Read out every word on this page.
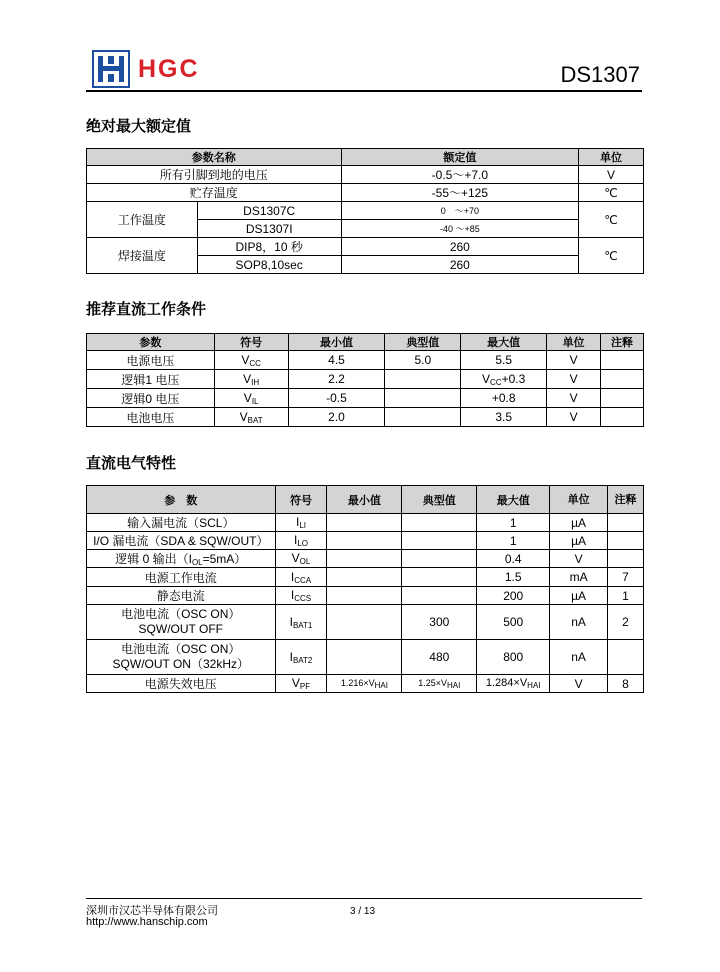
HGC	DS1307
绝对最大额定值
参数名称		额定值	单位
所有引脚到地的电压		-0.5～+7.0	V
贮存温度		-55～+125	℃
工作温度	DS1307C	0　～+70	℃
	DS1307I	-40 ～+85	
焊接温度	DIP8，10 秒	260	℃
	SOP8,10sec	260	
推荐直流工作条件
参数	符号	最小值	典型值	最大值	单位	注释
电源电压	$V_{CC}$	4.5	5.0	5.5	V	
逻辑1 电压	$V_{IH}$	2.2		$V_{CC}+0.3$	V	
逻辑0 电压	$V_{IL}$	-0.5		+0.8	V	
电池电压	$V_{BAT}$	2.0		3.5	V	
直流电气特性
参　数	符号	最小值	典型值	最大值	单位	注释
输入漏电流（SCL）	$I_{LI}$			1	µA	
I/O 漏电流（SDA & SQW/OUT）	$I_{LO}$			1	µA	
逻辑 0 输出$(I_{OL}=5mA)$	$V_{OL}$			0.4	V	
电源工作电流	$I_{CCA}$			1.5	mA	7
静态电流	$I_{CCS}$			200	µA	1
电池电流（OSC ON）
SQW/OUT OFF	$I_{BAT1}$		300	500	nA	2
电池电流（OSC ON）
SQW/OUT ON（32kHz）	$I_{BAT2}$		480	800	nA	
电源失效电压	$V_{PF}$	$1.216\times V_{HAI}$	$1.25\times V_{HAI}$	$1.284\times V_{HAI}$	V	8
深圳市汉芯半导体有限公司
http://www.hanschip.com
3 / 13
